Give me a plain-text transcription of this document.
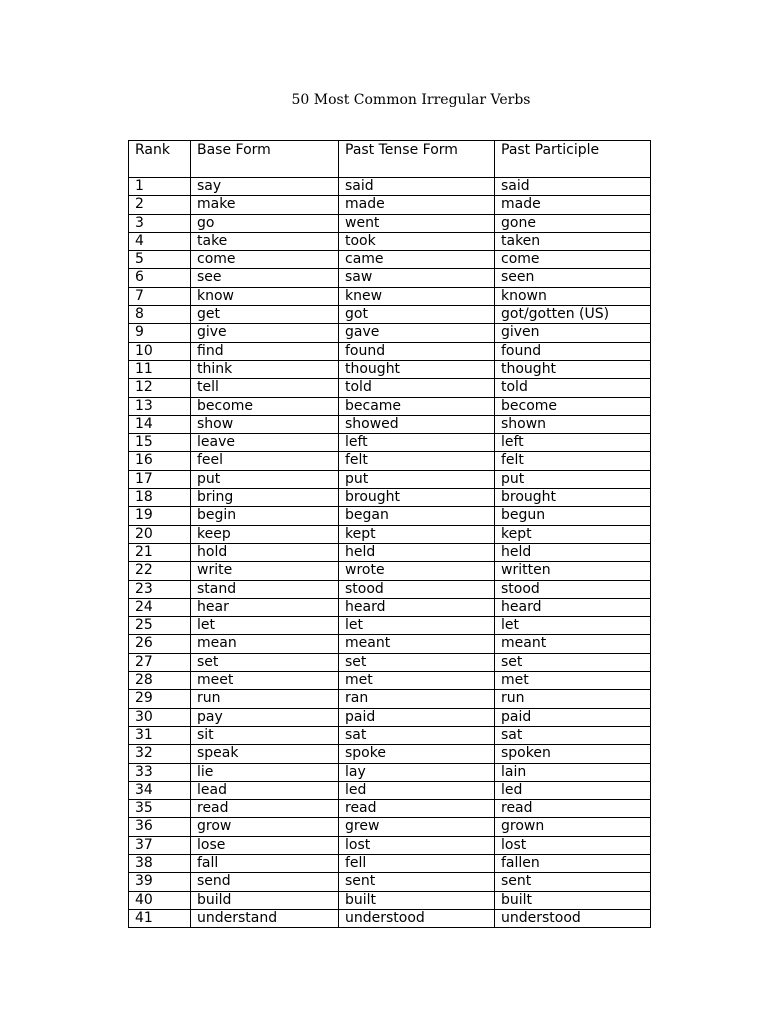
50 Most Common Irregular Verbs
Rank	Base Form	Past Tense Form	Past Participle
1	say	said	said
2	make	made	made
3	go	went	gone
4	take	took	taken
5	come	came	come
6	see	saw	seen
7	know	knew	known
8	get	got	got/gotten (US)
9	give	gave	given
10	find	found	found
11	think	thought	thought
12	tell	told	told
13	become	became	become
14	show	showed	shown
15	leave	left	left
16	feel	felt	felt
17	put	put	put
18	bring	brought	brought
19	begin	began	begun
20	keep	kept	kept
21	hold	held	held
22	write	wrote	written
23	stand	stood	stood
24	hear	heard	heard
25	let	let	let
26	mean	meant	meant
27	set	set	set
28	meet	met	met
29	run	ran	run
30	pay	paid	paid
31	sit	sat	sat
32	speak	spoke	spoken
33	lie	lay	lain
34	lead	led	led
35	read	read	read
36	grow	grew	grown
37	lose	lost	lost
38	fall	fell	fallen
39	send	sent	sent
40	build	built	built
41	understand	understood	understood
